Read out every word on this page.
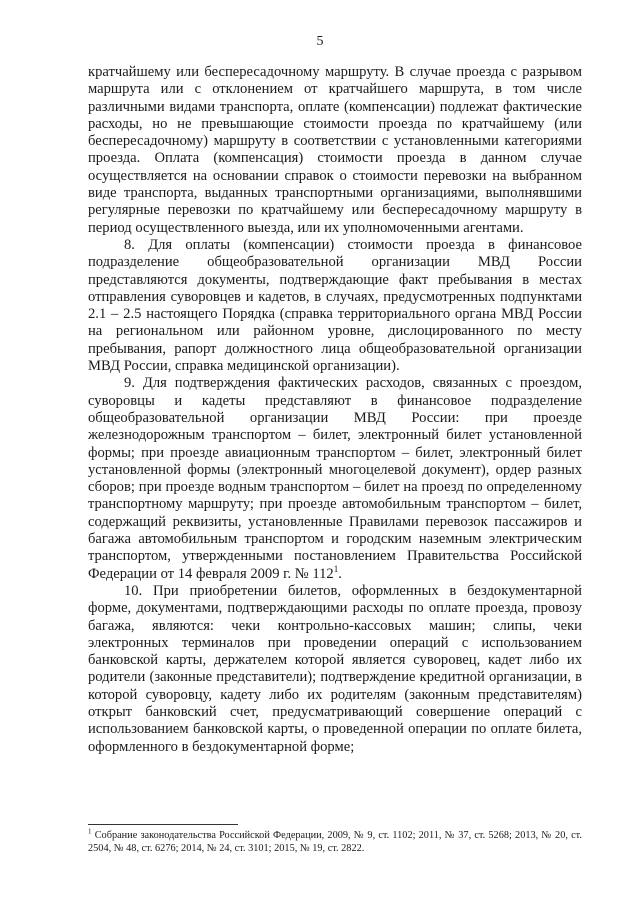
5

кратчайшему или беспересадочному маршруту. В случае проезда с разрывом маршрута или с отклонением от кратчайшего маршрута, в том числе различными видами транспорта, оплате (компенсации) подлежат фактические расходы, но не превышающие стоимости проезда по кратчайшему (или беспересадочному) маршруту в соответствии с установленными категориями проезда. Оплата (компенсация) стоимости проезда в данном случае осуществляется на основании справок о стоимости перевозки на выбранном виде транспорта, выданных транспортными организациями, выполнявшими регулярные перевозки по кратчайшему или беспересадочному маршруту в период осуществленного выезда, или их уполномоченными агентами.

8. Для оплаты (компенсации) стоимости проезда в финансовое подразделение общеобразовательной организации МВД России представляются документы, подтверждающие факт пребывания в местах отправления суворовцев и кадетов, в случаях, предусмотренных подпунктами 2.1 – 2.5 настоящего Порядка (справка территориального органа МВД России на региональном или районном уровне, дислоцированного по месту пребывания, рапорт должностного лица общеобразовательной организации МВД России, справка медицинской организации).

9. Для подтверждения фактических расходов, связанных с проездом, суворовцы и кадеты представляют в финансовое подразделение общеобразовательной организации МВД России: при проезде железнодорожным транспортом – билет, электронный билет установленной формы; при проезде авиационным транспортом – билет, электронный билет установленной формы (электронный многоцелевой документ), ордер разных сборов; при проезде водным транспортом – билет на проезд по определенному транспортному маршруту; при проезде автомобильным транспортом – билет, содержащий реквизиты, установленные Правилами перевозок пассажиров и багажа автомобильным транспортом и городским наземным электрическим транспортом, утвержденными постановлением Правительства Российской Федерации от 14 февраля 2009 г. № $112^1$.

10. При приобретении билетов, оформленных в бездокументарной форме, документами, подтверждающими расходы по оплате проезда, провозу багажа, являются: чеки контрольно-кассовых машин; слипы, чеки электронных терминалов при проведении операций с использованием банковской карты, держателем которой является суворовец, кадет либо их родители (законные представители); подтверждение кредитной организации, в которой суворовцу, кадету либо их родителям (законным представителям) открыт банковский счет, предусматривающий совершение операций с использованием банковской карты, о проведенной операции по оплате билета, оформленного в бездокументарной форме;

$^1$ Собрание законодательства Российской Федерации, 2009, № 9, ст. 1102; 2011, № 37, ст. 5268; 2013, № 20, ст. 2504, № 48, ст. 6276; 2014, № 24, ст. 3101; 2015, № 19, ст. 2822.
